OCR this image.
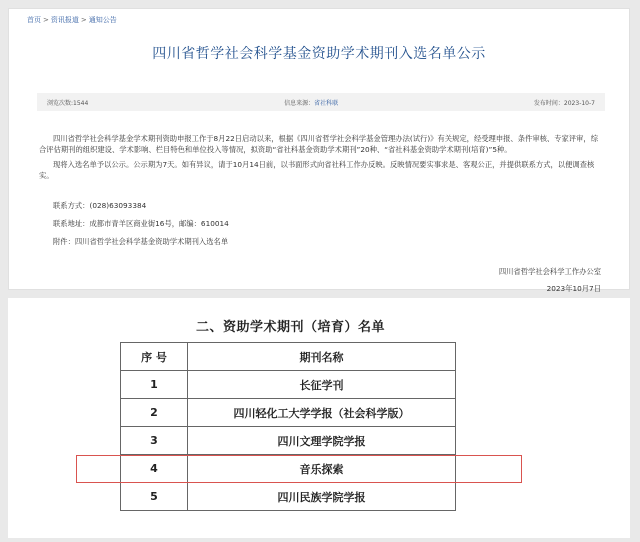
首页 > 资讯报道 > 通知公告
四川省哲学社会科学基金资助学术期刊入选名单公示
浏览次数:1544	信息来源：省社科联	发布时间：2023-10-7

四川省哲学社会科学基金学术期刊资助申报工作于8月22日启动以来，根据《四川省哲学社会科学基金管理办法(试行)》有关规定，经受理申报、条件审核、专家评审，综合评估期刊的组织建设、学术影响、栏目特色和单位投入等情况，拟资助“省社科基金资助学术期刊”20种、“省社科基金资助学术期刊(培育)”5种。

现将入选名单予以公示。公示期为7天。如有异议，请于10月14日前，以书面形式向省社科工作办反映。反映情况要实事求是、客观公正，并提供联系方式，以便调查核实。

联系方式：(028)63093384
联系地址：成都市青羊区商业街16号，邮编：610014
附件：四川省哲学社会科学基金资助学术期刊入选名单
四川省哲学社会科学工作办公室
2023年10月7日
二、资助学术期刊（培育）名单
序 号	期刊名称
1	长征学刊
2	四川轻化工大学学报（社会科学版）
3	四川文理学院学报
4	音乐探索
5	四川民族学院学报
